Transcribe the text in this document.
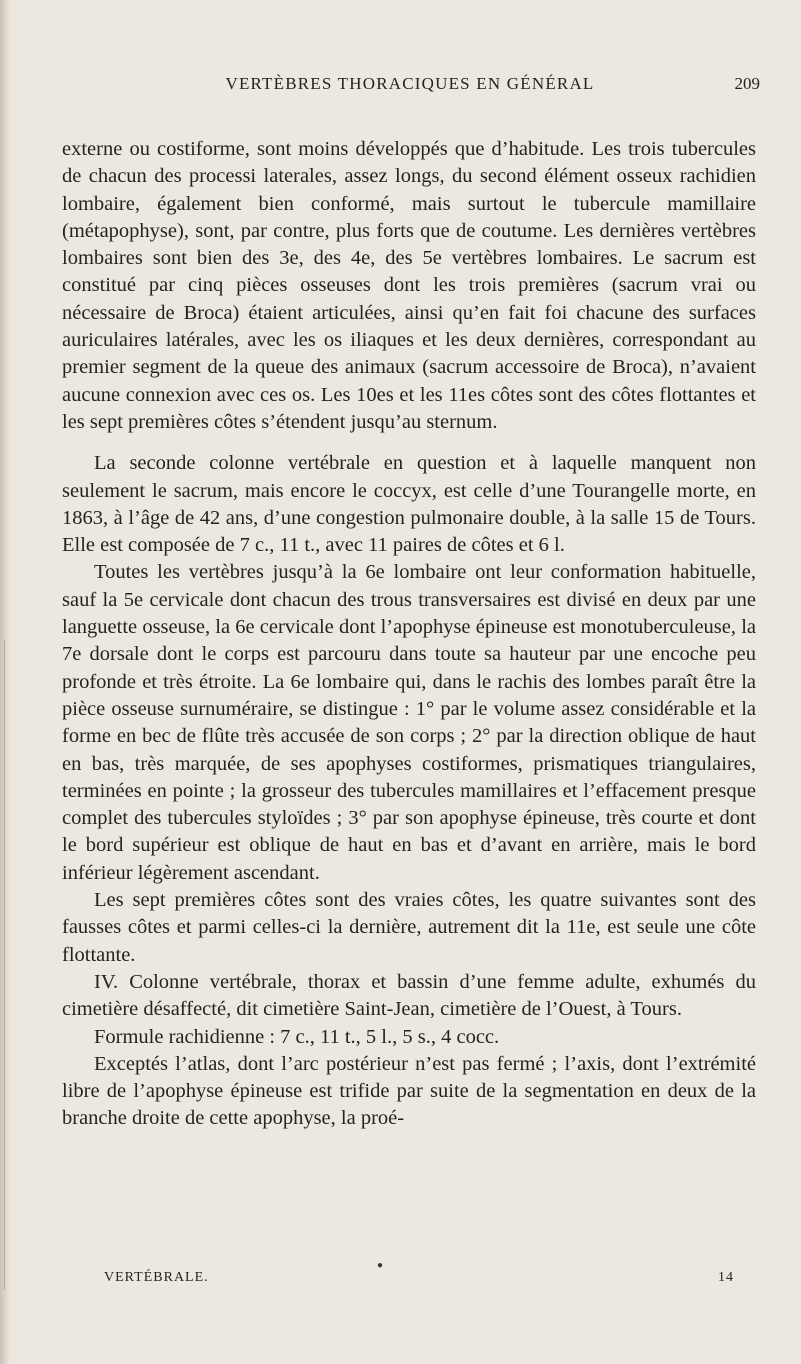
VERTÈBRES THORACIQUES EN GÉNÉRAL	209

externe ou costiforme, sont moins développés que d’habitude. Les trois tubercules de chacun des processi laterales, assez longs, du second élément osseux rachidien lombaire, également bien conformé, mais surtout le tubercule mamillaire (métapophyse), sont, par contre, plus forts que de coutume. Les dernières vertèbres lombaires sont bien des 3e, des 4e, des 5e vertèbres lombaires. Le sacrum est constitué par cinq pièces osseuses dont les trois premières (sacrum vrai ou nécessaire de Broca) étaient articulées, ainsi qu’en fait foi chacune des surfaces auriculaires latérales, avec les os iliaques et les deux dernières, correspondant au premier segment de la queue des animaux (sacrum accessoire de Broca), n’avaient aucune connexion avec ces os. Les 10es et les 11es côtes sont des côtes flottantes et les sept premières côtes s’étendent jusqu’au sternum.

La seconde colonne vertébrale en question et à laquelle manquent non seulement le sacrum, mais encore le coccyx, est celle d’une Tourangelle morte, en 1863, à l’âge de 42 ans, d’une congestion pulmonaire double, à la salle 15 de Tours. Elle est composée de 7 c., 11 t., avec 11 paires de côtes et 6 l.

Toutes les vertèbres jusqu’à la 6e lombaire ont leur conformation habituelle, sauf la 5e cervicale dont chacun des trous transversaires est divisé en deux par une languette osseuse, la 6e cervicale dont l’apophyse épineuse est monotuberculeuse, la 7e dorsale dont le corps est parcouru dans toute sa hauteur par une encoche peu profonde et très étroite. La 6e lombaire qui, dans le rachis des lombes paraît être la pièce osseuse surnuméraire, se distingue : 1° par le volume assez considérable et la forme en bec de flûte très accusée de son corps ; 2° par la direction oblique de haut en bas, très marquée, de ses apophyses costiformes, prismatiques triangulaires, terminées en pointe ; la grosseur des tubercules mamillaires et l’effacement presque complet des tubercules styloïdes ; 3° par son apophyse épineuse, très courte et dont le bord supérieur est oblique de haut en bas et d’avant en arrière, mais le bord inférieur légèrement ascendant.

Les sept premières côtes sont des vraies côtes, les quatre suivantes sont des fausses côtes et parmi celles-ci la dernière, autrement dit la 11e, est seule une côte flottante.

IV. Colonne vertébrale, thorax et bassin d’une femme adulte, exhumés du cimetière désaffecté, dit cimetière Saint-Jean, cimetière de l’Ouest, à Tours.

Formule rachidienne : 7 c., 11 t., 5 l., 5 s., 4 cocc.

Exceptés l’atlas, dont l’arc postérieur n’est pas fermé ; l’axis, dont l’extrémité libre de l’apophyse épineuse est trifide par suite de la segmentation en deux de la branche droite de cette apophyse, la proé-

●
VERTÉBRALE.	14
